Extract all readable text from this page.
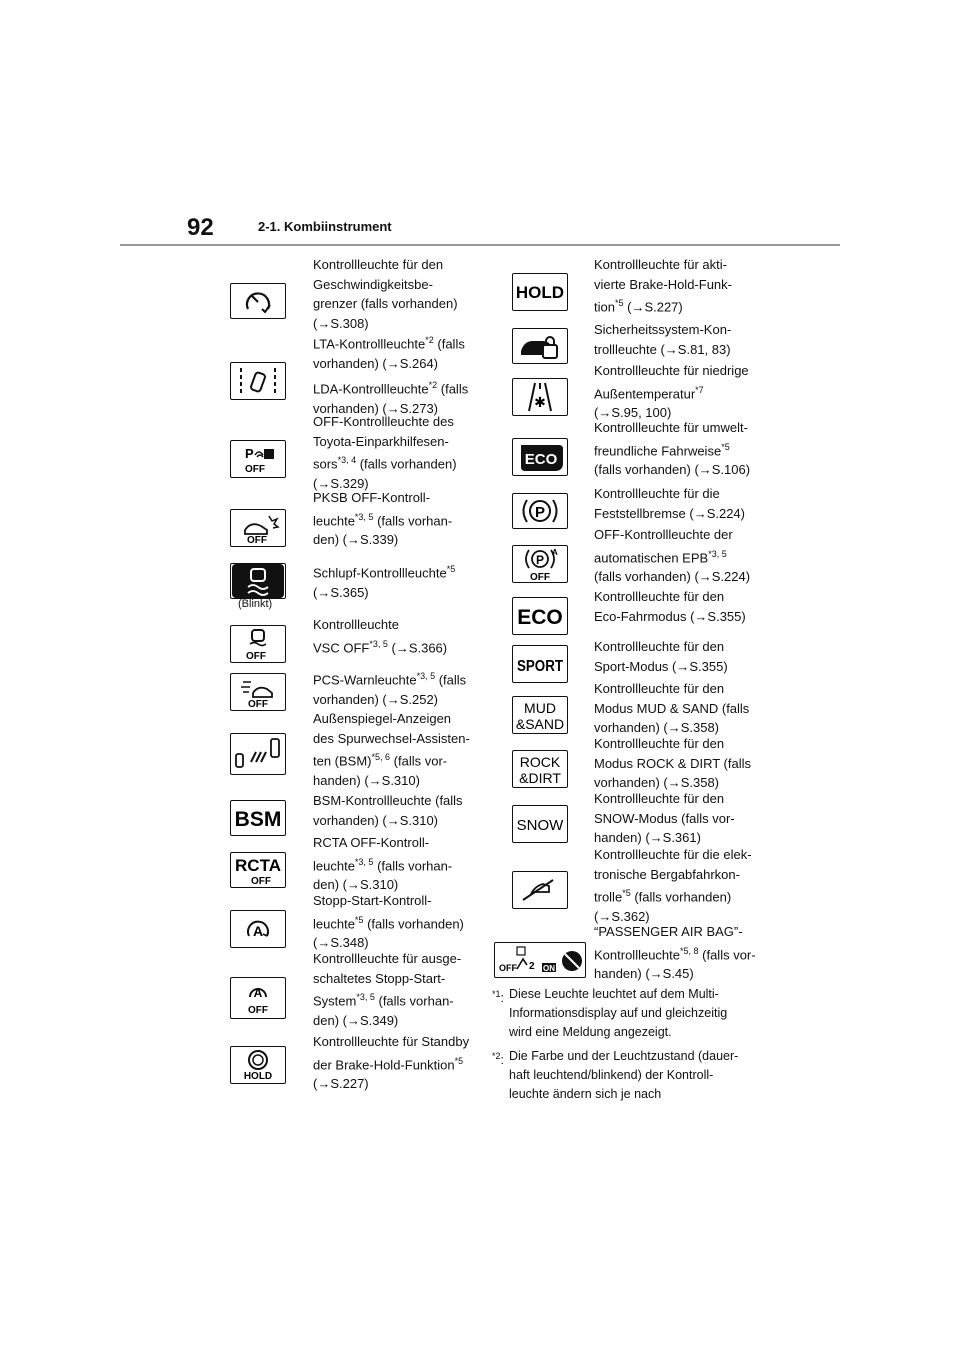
92	2-1. Kombiinstrument
Kontrollleuchte für den
Geschwindigkeitsbe-
grenzer (falls vorhanden)
(→S.308)
LTA-Kontrollleuchte$^{*2}$ (falls
vorhanden) (→S.264)
LDA-Kontrollleuchte$^{*2}$ (falls
vorhanden) (→S.273)
P
OFF
OFF-Kontrollleuchte des
Toyota-Einparkhilfesen-
sors$^{*3, 4}$ (falls vorhanden)
(→S.329)
OFF
PKSB OFF-Kontroll-
leuchte$^{*3, 5}$ (falls vorhan-
den) (→S.339)
(Blinkt)
Schlupf-Kontrollleuchte$^{*5}$
(→S.365)
OFF
Kontrollleuchte
VSC OFF$^{*3, 5}$ (→S.366)
OFF
PCS-Warnleuchte$^{*3, 5}$ (falls
vorhanden) (→S.252)
Außenspiegel-Anzeigen
des Spurwechsel-Assisten-
ten (BSM)$^{*5, 6}$ (falls vor-
handen) (→S.310)
BSM
BSM-Kontrollleuchte (falls
vorhanden) (→S.310)
RCTA
OFF
RCTA OFF-Kontroll-
leuchte$^{*3, 5}$ (falls vorhan-
den) (→S.310)
A
Stopp-Start-Kontroll-
leuchte$^{*5}$ (falls vorhanden)
(→S.348)
A
OFF
Kontrollleuchte für ausge-
schaltetes Stopp-Start-
System$^{*3, 5}$ (falls vorhan-
den) (→S.349)
HOLD
Kontrollleuchte für Standby
der Brake-Hold-Funktion$^{*5}$
(→S.227)
HOLD
Kontrollleuchte für akti-
vierte Brake-Hold-Funk-
tion$^{*5}$ (→S.227)
Sicherheitssystem-Kon-
trollleuchte (→S.81, 83)
✱
Kontrollleuchte für niedrige
Außentemperatur$^{*7}$
(→S.95, 100)
ECO
Kontrollleuchte für umwelt-
freundliche Fahrweise$^{*5}$
(falls vorhanden) (→S.106)
P
Kontrollleuchte für die
Feststellbremse (→S.224)
P
A
OFF
OFF-Kontrollleuchte der
automatischen EPB$^{*3, 5}$
(falls vorhanden) (→S.224)
ECO
Kontrollleuchte für den
Eco-Fahrmodus (→S.355)
SPORT
Kontrollleuchte für den
Sport-Modus (→S.355)
MUD
&SAND
Kontrollleuchte für den
Modus MUD & SAND (falls
vorhanden) (→S.358)
ROCK
&DIRT
Kontrollleuchte für den
Modus ROCK & DIRT (falls
vorhanden) (→S.358)
SNOW
Kontrollleuchte für den
SNOW-Modus (falls vor-
handen) (→S.361)
Kontrollleuchte für die elek-
tronische Bergabfahrkon-
trolle$^{*5}$ (falls vorhanden)
(→S.362)
OFF 2 ON
“PASSENGER AIR BAG”-
Kontrollleuchte$^{*5, 8}$ (falls vor-
handen) (→S.45)
$^{*1}$: Diese Leuchte leuchtet auf dem Multi-
Informationsdisplay auf und gleichzeitig
wird eine Meldung angezeigt.
$^{*2}$: Die Farbe und der Leuchtzustand (dauer-
haft leuchtend/blinkend) der Kontroll-
leuchte ändern sich je nach
